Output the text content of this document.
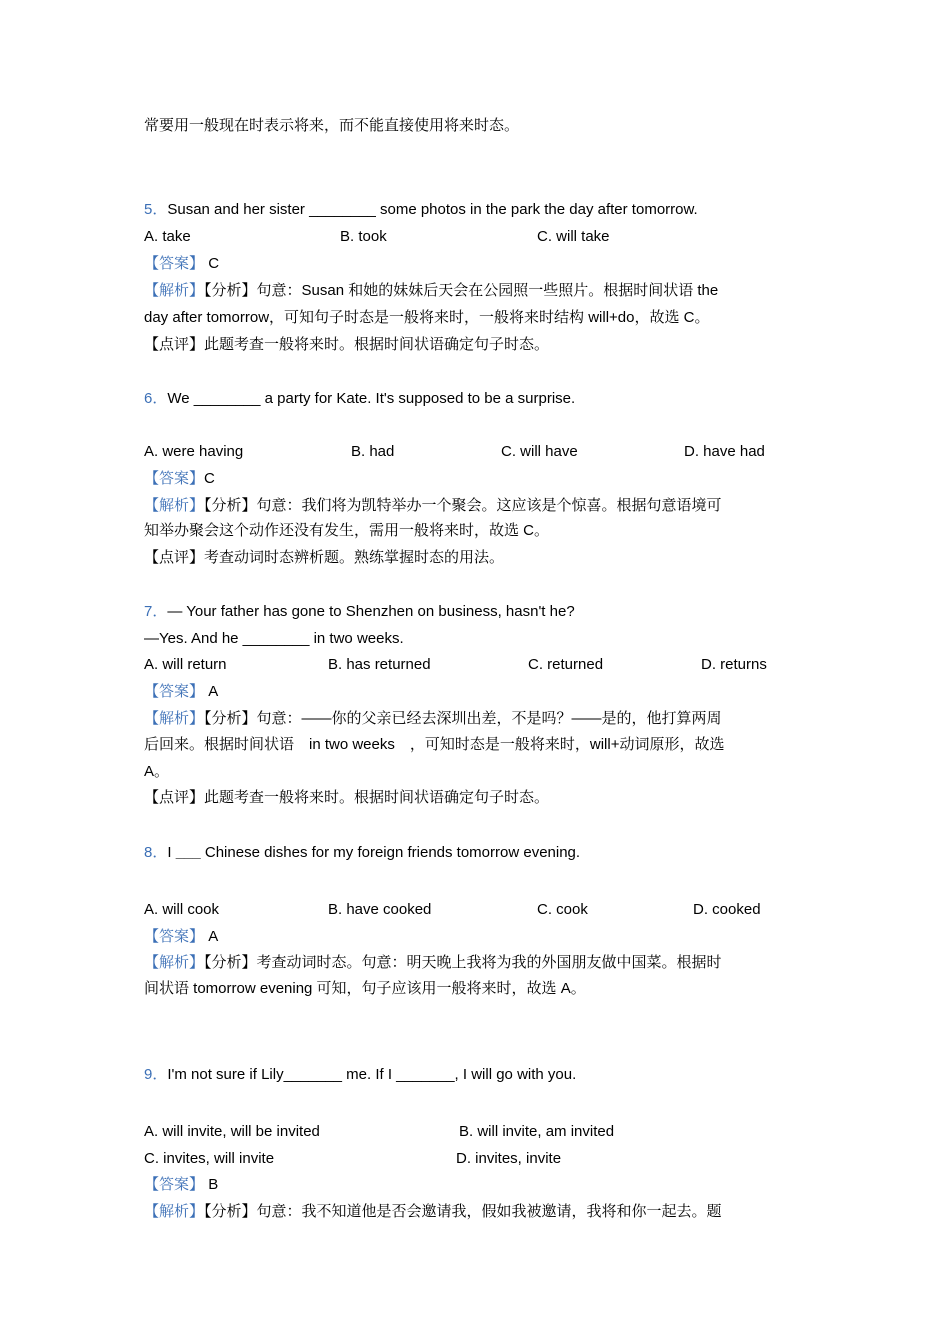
常要用一般现在时表示将来，而不能直接使用将来时态。
5．Susan and her sister ________ some photos in the park the day after tomorrow.
A. take	B. took	C. will take
【答案】 C
【解析】【分析】句意：Susan 和她的妹妹后天会在公园照一些照片。根据时间状语 the
day after tomorrow，可知句子时态是一般将来时，一般将来时结构 will+do，故选 C。
【点评】此题考查一般将来时。根据时间状语确定句子时态。
6．We ________ a party for Kate. It's supposed to be a surprise.
A. were having	B. had	C. will have	D. have had
【答案】C
【解析】【分析】句意：我们将为凯特举办一个聚会。这应该是个惊喜。根据句意语境可
知举办聚会这个动作还没有发生，需用一般将来时，故选 C。
【点评】考查动词时态辨析题。熟练掌握时态的用法。
7．— Your father has gone to Shenzhen on business, hasn't he?
—Yes. And he ________ in two weeks.
A. will return	B. has returned	C. returned	D. returns
【答案】 A
【解析】【分析】句意：——你的父亲已经去深圳出差，不是吗？——是的，他打算两周
后回来。根据时间状语　in two weeks　，可知时态是一般将来时，will+动词原形，故选
A。
【点评】此题考查一般将来时。根据时间状语确定句子时态。
8．I ___ Chinese dishes for my foreign friends tomorrow evening.
A. will cook	B. have cooked	C. cook	D. cooked
【答案】 A
【解析】【分析】考查动词时态。句意：明天晚上我将为我的外国朋友做中国菜。根据时
间状语 tomorrow evening 可知，句子应该用一般将来时，故选 A。
9．I'm not sure if Lily_______ me. If I _______, I will go with you.
A. will invite, will be invited	B. will invite, am invited
C. invites, will invite	D. invites, invite
【答案】 B
【解析】【分析】句意：我不知道他是否会邀请我，假如我被邀请，我将和你一起去。题
